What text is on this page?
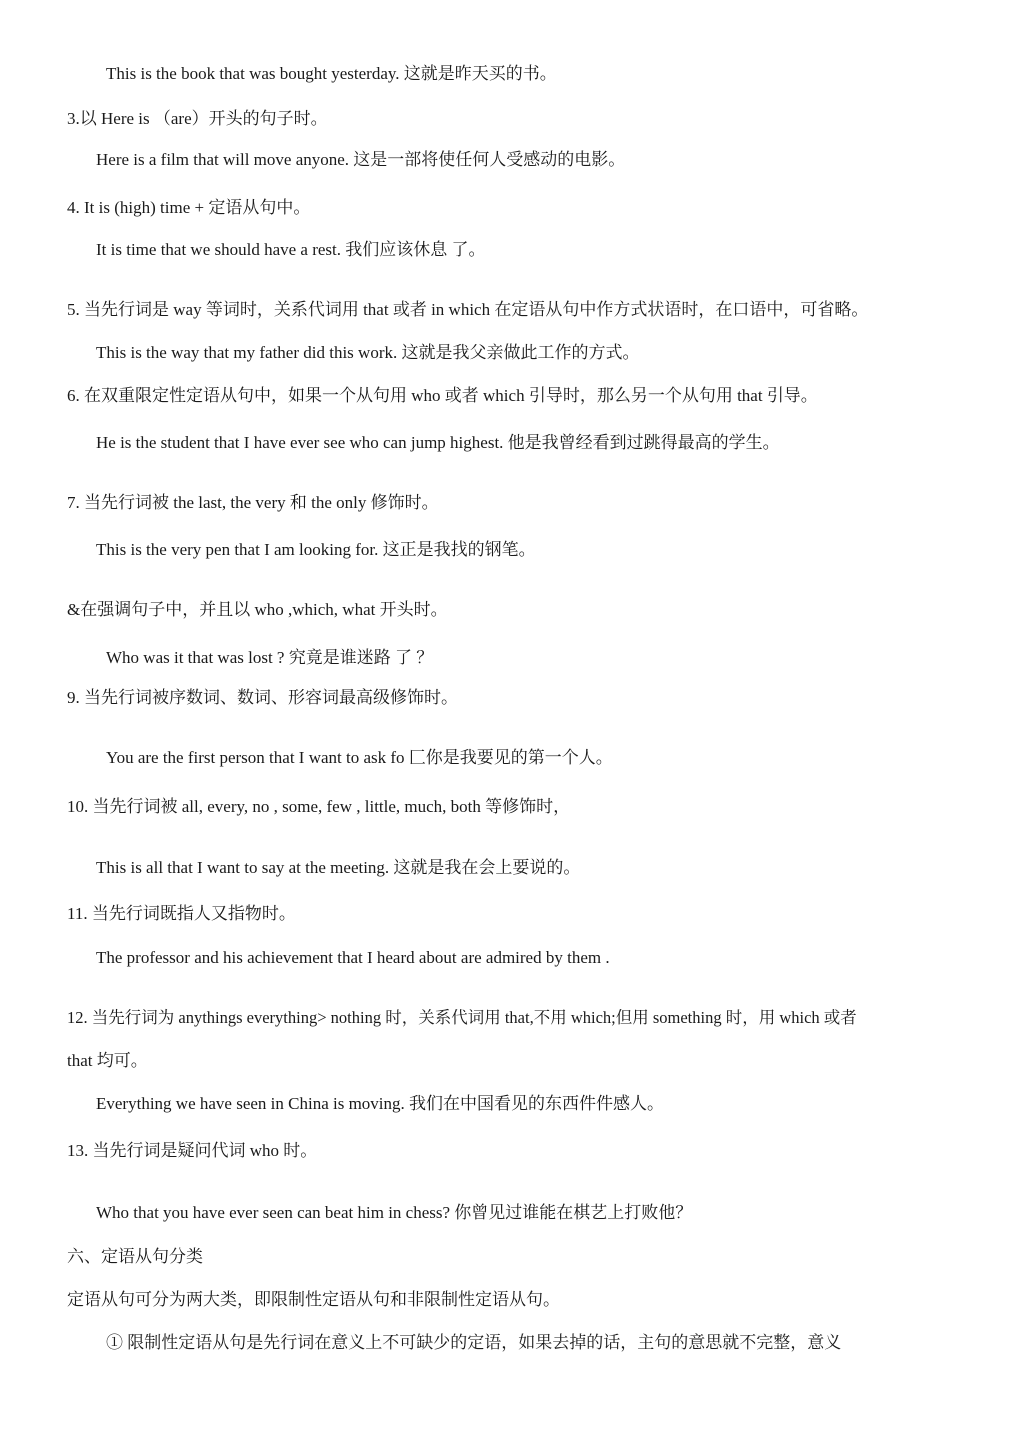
This is the book that was bought yesterday. 这就是昨天买的书。
3.以 Here is （are）开头的句子时。
Here is a film that will move anyone. 这是一部将使任何人受感动的电影。
4. It is (high) time + 定语从句中。
It is time that we should have a rest. 我们应该休息 了。
5. 当先行词是 way 等词时，关系代词用 that 或者 in which 在定语从句中作方式状语时，在口语中，可省略。
This is the way that my father did this work. 这就是我父亲做此工作的方式。
6. 在双重限定性定语从句中，如果一个从句用 who 或者 which 引导时，那么另一个从句用 that 引导。
He is the student that I have ever see who can jump highest. 他是我曾经看到过跳得最高的学生。
7. 当先行词被 the last, the very 和 the only 修饰时。
This is the very pen that I am looking for. 这正是我找的钢笔。
&在强调句子中，并且以 who ,which, what 开头时。
Who was it that was lost ? 究竟是谁迷路 了 ？
9. 当先行词被序数词、数词、形容词最高级修饰时。
You are the first person that I want to ask fo 匚你是我要见的第一个人。
10. 当先行词被 all, every, no , some, few , little, much, both 等修饰时，
This is all that I want to say at the meeting. 这就是我在会上要说的。
11. 当先行词既指人又指物时。
The professor and his achievement that I heard about are admired by them .
12. 当先行词为 anythings everything> nothing 时，关系代词用 that,不用 which;但用 something 时，用 which 或者
that 均可。
Everything we have seen in China is moving. 我们在中国看见的东西件件感人。
13. 当先行词是疑问代词 who 时。
Who that you have ever seen can beat him in chess? 你曾见过谁能在棋艺上打败他？
六、定语从句分类
定语从句可分为两大类，即限制性定语从句和非限制性定语从句。
① 限制性定语从句是先行词在意义上不可缺少的定语，如果去掉的话，主句的意思就不完整，意义
